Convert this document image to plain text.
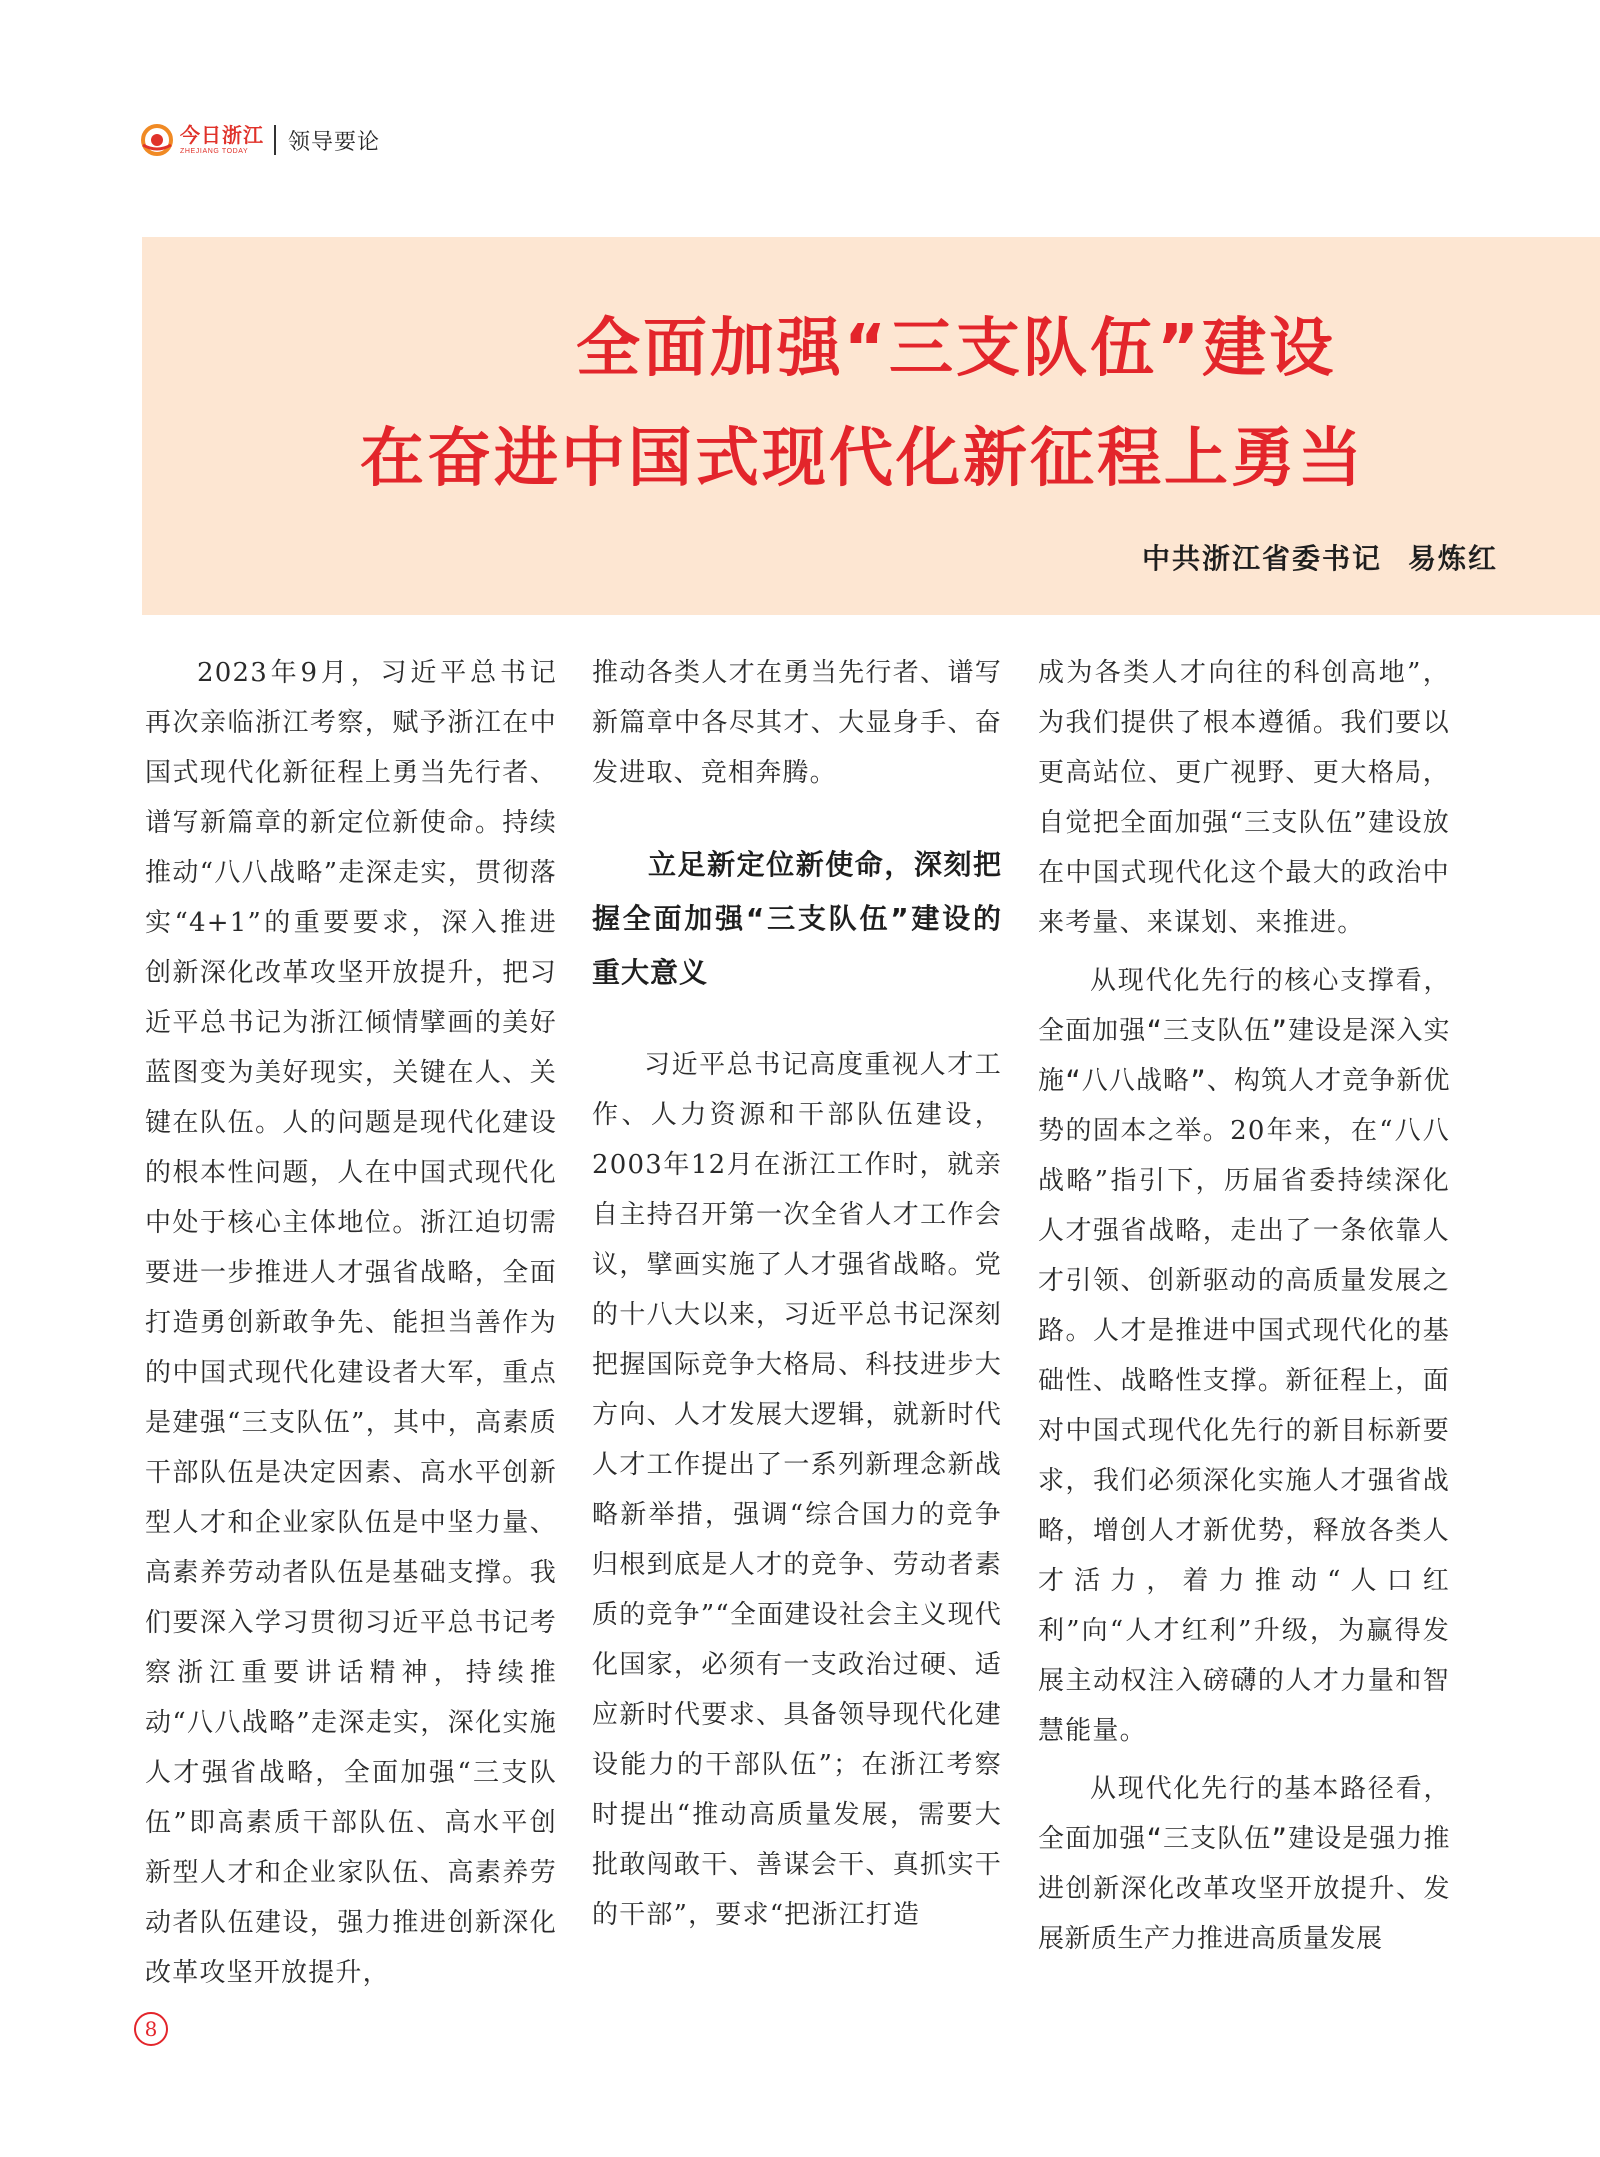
今日浙江
ZHEJIANG TODAY	领导要论
全面加强“三支队伍”建设
在奋进中国式现代化新征程上勇当
中共浙江省委书记 易炼红

2023年9月，习近平总书记再次亲临浙江考察，赋予浙江在中国式现代化新征程上勇当先行者、谱写新篇章的新定位新使命。持续推动“八八战略”走深走实，贯彻落实“4+1”的重要要求，深入推进创新深化改革攻坚开放提升，把习近平总书记为浙江倾情擘画的美好蓝图变为美好现实，关键在人、关键在队伍。人的问题是现代化建设的根本性问题，人在中国式现代化中处于核心主体地位。浙江迫切需要进一步推进人才强省战略，全面打造勇创新敢争先、能担当善作为的中国式现代化建设者大军，重点是建强“三支队伍”，其中，高素质干部队伍是决定因素、高水平创新型人才和企业家队伍是中坚力量、高素养劳动者队伍是基础支撑。我们要深入学习贯彻习近平总书记考察浙江重要讲话精神，持续推动“八八战略”走深走实，深化实施人才强省战略，全面加强“三支队伍”即高素质干部队伍、高水平创新型人才和企业家队伍、高素养劳动者队伍建设，强力推进创新深化改革攻坚开放提升，

推动各类人才在勇当先行者、谱写新篇章中各尽其才、大显身手、奋发进取、竞相奔腾。

立足新定位新使命，深刻把握全面加强“三支队伍”建设的重大意义

习近平总书记高度重视人才工作、人力资源和干部队伍建设，2003年12月在浙江工作时，就亲自主持召开第一次全省人才工作会议，擘画实施了人才强省战略。党的十八大以来，习近平总书记深刻把握国际竞争大格局、科技进步大方向、人才发展大逻辑，就新时代人才工作提出了一系列新理念新战略新举措，强调“综合国力的竞争归根到底是人才的竞争、劳动者素质的竞争”“全面建设社会主义现代化国家，必须有一支政治过硬、适应新时代要求、具备领导现代化建设能力的干部队伍”；在浙江考察时提出“推动高质量发展，需要大批敢闯敢干、善谋会干、真抓实干的干部”，要求“把浙江打造

成为各类人才向往的科创高地”，为我们提供了根本遵循。我们要以更高站位、更广视野、更大格局，自觉把全面加强“三支队伍”建设放在中国式现代化这个最大的政治中来考量、来谋划、来推进。

从现代化先行的核心支撑看，全面加强“三支队伍”建设是深入实施“八八战略”、构筑人才竞争新优势的固本之举。20年来，在“八八战略”指引下，历届省委持续深化人才强省战略，走出了一条依靠人才引领、创新驱动的高质量发展之路。人才是推进中国式现代化的基础性、战略性支撑。新征程上，面对中国式现代化先行的新目标新要求，我们必须深化实施人才强省战略，增创人才新优势，释放各类人才活力，着力推动“人口红利”向“人才红利”升级，为赢得发展主动权注入磅礴的人才力量和智慧能量。

从现代化先行的基本路径看，全面加强“三支队伍”建设是强力推进创新深化改革攻坚开放提升、发展新质生产力推进高质量发展

8
